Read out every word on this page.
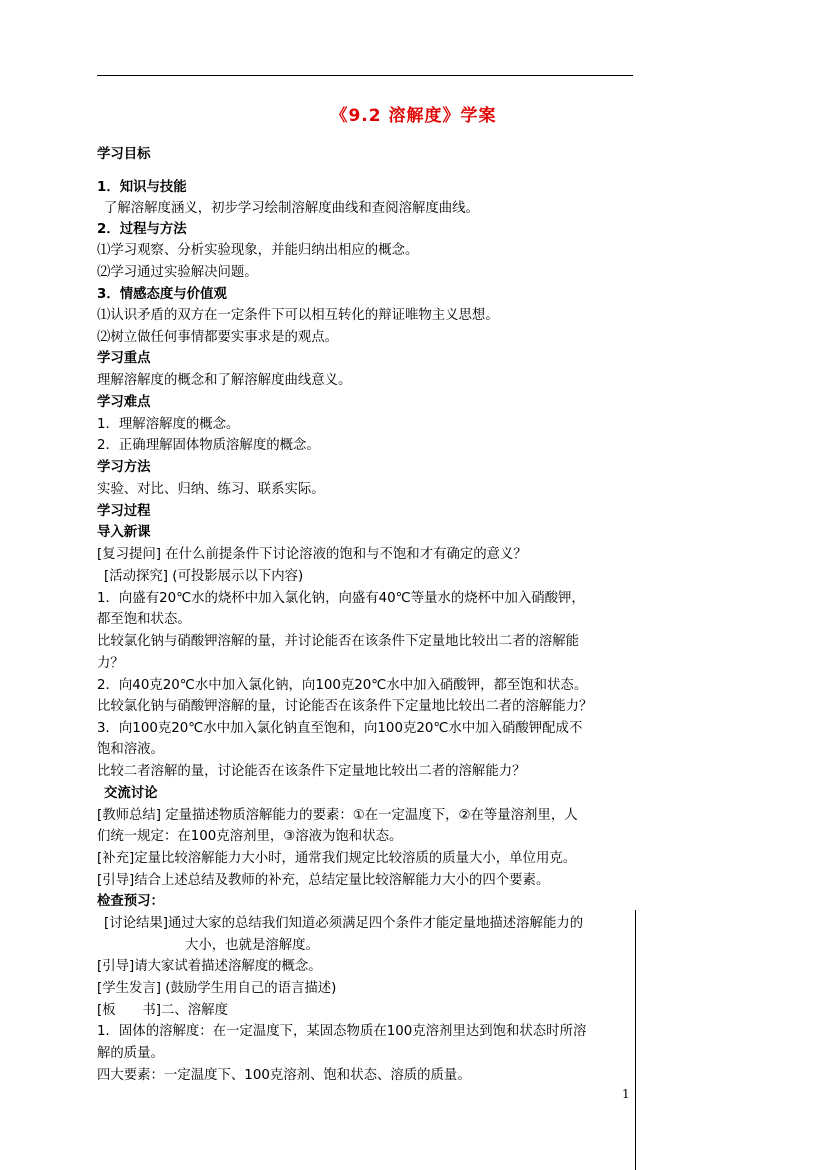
《9.2 溶解度》学案
学习目标
1．知识与技能
了解溶解度涵义，初步学习绘制溶解度曲线和查阅溶解度曲线。
2．过程与方法
⑴学习观察、分析实验现象，并能归纳出相应的概念。
⑵学习通过实验解决问题。
3．情感态度与价值观
⑴认识矛盾的双方在一定条件下可以相互转化的辩证唯物主义思想。
⑵树立做任何事情都要实事求是的观点。
学习重点
理解溶解度的概念和了解溶解度曲线意义。
学习难点
1．理解溶解度的概念。
2．正确理解固体物质溶解度的概念。
学习方法
实验、对比、归纳、练习、联系实际。
学习过程
导入新课
[复习提问] 在什么前提条件下讨论溶液的饱和与不饱和才有确定的意义？
[活动探究] (可投影展示以下内容)
1．向盛有20℃水的烧杯中加入氯化钠，向盛有40℃等量水的烧杯中加入硝酸钾，
都至饱和状态。
比较氯化钠与硝酸钾溶解的量，并讨论能否在该条件下定量地比较出二者的溶解能
力？
2．向40克20℃水中加入氯化钠，向100克20℃水中加入硝酸钾，都至饱和状态。
比较氯化钠与硝酸钾溶解的量，讨论能否在该条件下定量地比较出二者的溶解能力？
3．向100克20℃水中加入氯化钠直至饱和，向100克20℃水中加入硝酸钾配成不
饱和溶液。
比较二者溶解的量，讨论能否在该条件下定量地比较出二者的溶解能力？
交流讨论
[教师总结] 定量描述物质溶解能力的要素：①在一定温度下，②在等量溶剂里，人
们统一规定：在100克溶剂里，③溶液为饱和状态。
[补充]定量比较溶解能力大小时，通常我们规定比较溶质的质量大小，单位用克。
[引导]结合上述总结及教师的补充，总结定量比较溶解能力大小的四个要素。
检查预习：
[讨论结果]通过大家的总结我们知道必须满足四个条件才能定量地描述溶解能力的
大小，也就是溶解度。
[引导]请大家试着描述溶解度的概念。
[学生发言] (鼓励学生用自己的语言描述)
[板　　书]二、溶解度
1．固体的溶解度：在一定温度下，某固态物质在100克溶剂里达到饱和状态时所溶
解的质量。
四大要素：一定温度下、100克溶剂、饱和状态、溶质的质量。
1
